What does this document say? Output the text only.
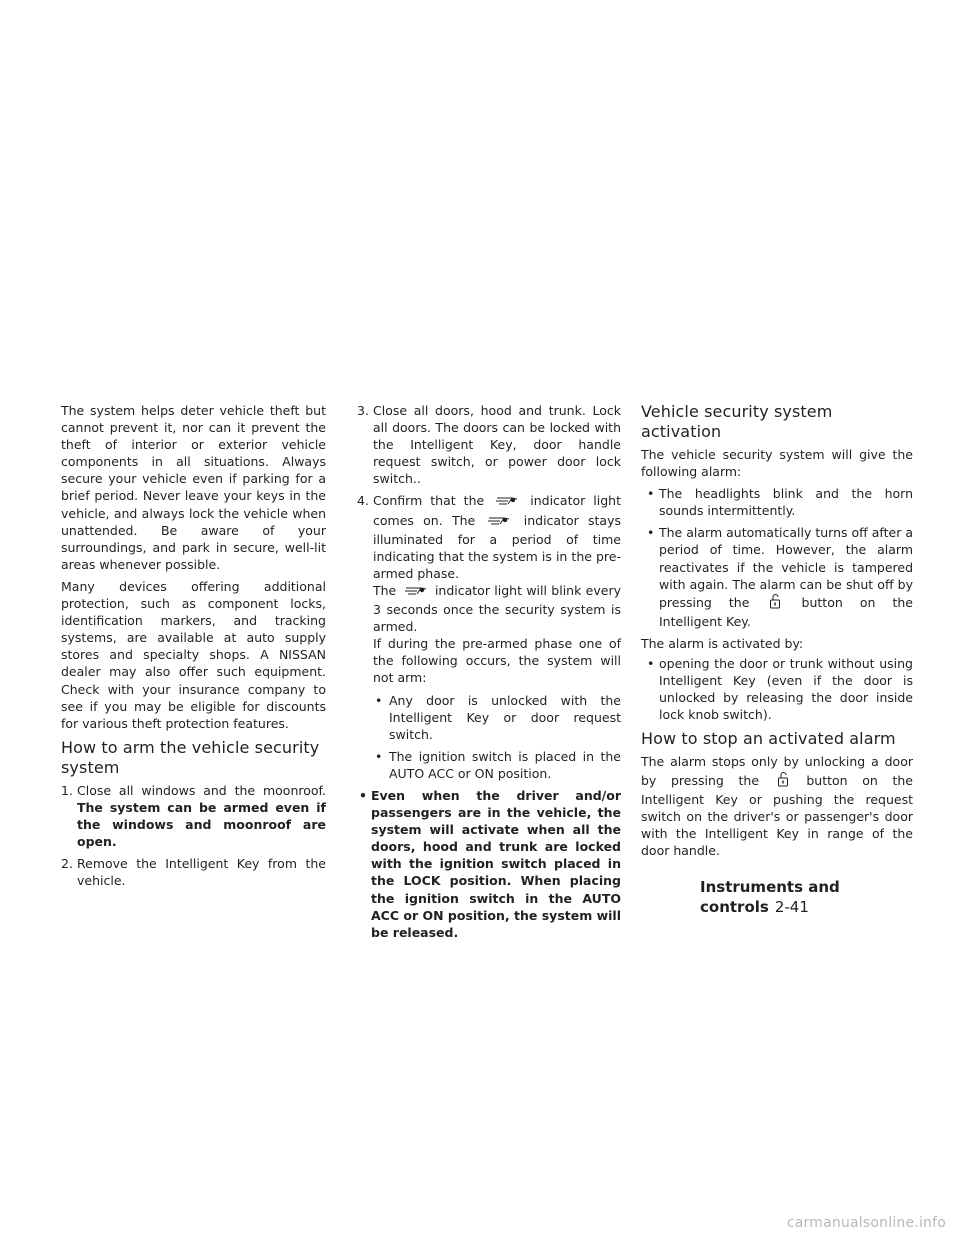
The system helps deter vehicle theft but cannot prevent it, nor can it prevent the theft of interior or exterior vehicle components in all situations. Always secure your vehicle even if parking for a brief period. Never leave your keys in the vehicle, and always lock the vehicle when unattended. Be aware of your surroundings, and park in secure, well-lit areas whenever possible.

Many devices offering additional protection, such as component locks, identification markers, and tracking systems, are available at auto supply stores and specialty shops. A NISSAN dealer may also offer such equipment. Check with your insurance company to see if you may be eligible for discounts for various theft protection features.

How to arm the vehicle security system
1. Close all windows and the moonroof. The system can be armed even if the windows and moonroof are open.
2. Remove the Intelligent Key from the vehicle.
3. Close all doors, hood and trunk. Lock all doors. The doors can be locked with the Intelligent Key, door handle request switch, or power door lock switch..
4. Confirm that the	indicator light comes on. The	indicator stays illuminated for a period of time indicating that the system is in the pre-armed phase.
The	indicator light will blink every 3 seconds once the security system is armed.
If during the pre-armed phase one of the following occurs, the system will not arm:
• Any door is unlocked with the Intelligent Key or door request switch.
• The ignition switch is placed in the AUTO ACC or ON position.
• Even when the driver and/or passengers are in the vehicle, the system will activate when all the doors, hood and trunk are locked with the ignition switch placed in the LOCK position. When placing the ignition switch in the AUTO ACC or ON position, the system will be released.
Vehicle security system activation

The vehicle security system will give the following alarm:

• The headlights blink and the horn sounds intermittently.
• The alarm automatically turns off after a period of time. However, the alarm reactivates if the vehicle is tampered with again. The alarm can be shut off by pressing the	button on the Intelligent Key.

The alarm is activated by:

• opening the door or trunk without using Intelligent Key (even if the door is unlocked by releasing the door inside lock knob switch).
How to stop an activated alarm

The alarm stops only by unlocking a door by pressing the	button on the Intelligent Key or pushing the request switch on the driver's or passenger's door with the Intelligent Key in range of the door handle.

Instruments and controls 2-41
carmanualsonline.info
